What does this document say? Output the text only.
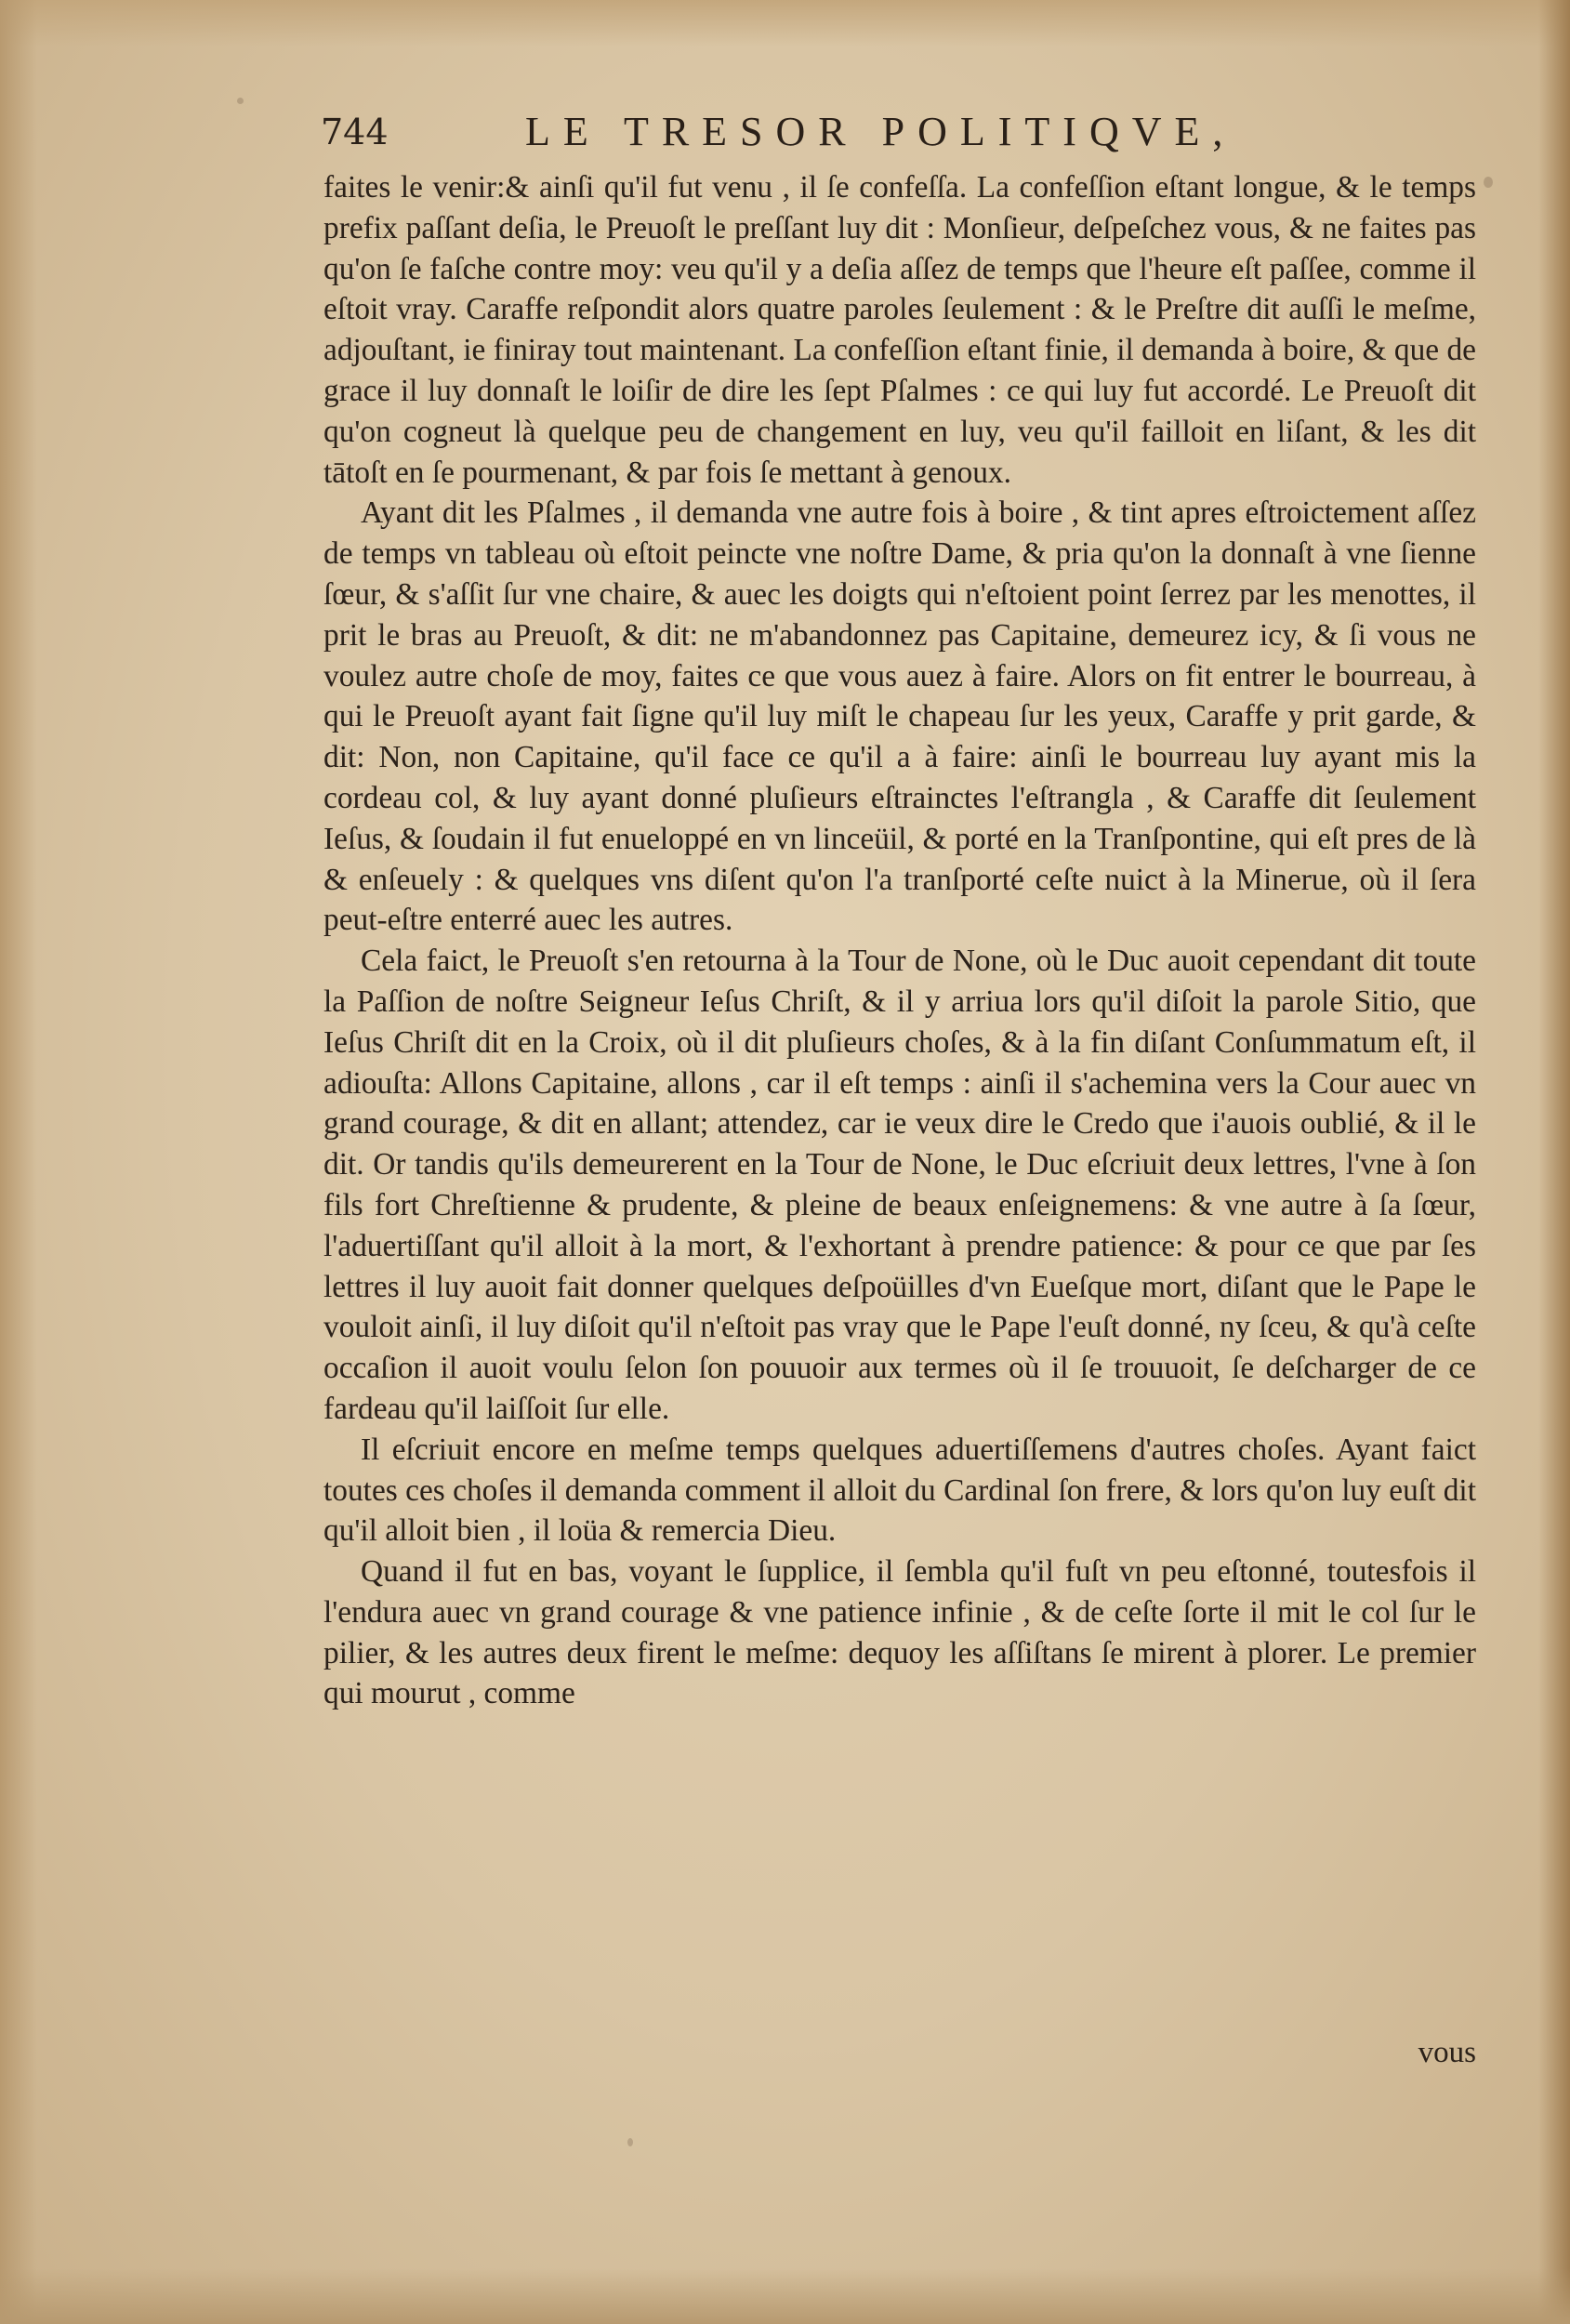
744	LE TRESOR POLITIQVE,

faites le venir:& ainſi qu'il fut venu , il ſe confeſſa. La confeſſion eſtant longue, & le temps prefix paſſant deſia, le Preuoſt le preſſant luy dit : Monſieur, deſpeſchez vous, & ne faites pas qu'on ſe faſche contre moy: veu qu'il y a deſia aſſez de temps que l'heure eſt paſſee, comme il eſtoit vray. Caraffe reſpondit alors quatre paroles ſeulement : & le Preſtre dit auſſi le meſme, adjouſtant, ie finiray tout maintenant. La confeſſion eſtant finie, il demanda à boire, & que de grace il luy donnaſt le loiſir de dire les ſept Pſalmes : ce qui luy fut accordé. Le Preuoſt dit qu'on cogneut là quelque peu de changement en luy, veu qu'il failloit en liſant, & les dit tātoſt en ſe pourmenant, & par fois ſe mettant à genoux.

Ayant dit les Pſalmes , il demanda vne autre fois à boire , & tint apres eſtroictement aſſez de temps vn tableau où eſtoit peincte vne noſtre Dame, & pria qu'on la donnaſt à vne ſienne ſœur, & s'aſſit ſur vne chaire, & auec les doigts qui n'eſtoient point ſerrez par les menottes, il prit le bras au Preuoſt, & dit: ne m'abandonnez pas Capitaine, demeurez icy, & ſi vous ne voulez autre choſe de moy, faites ce que vous auez à faire. Alors on fit entrer le bourreau, à qui le Preuoſt ayant fait ſigne qu'il luy miſt le chapeau ſur les yeux, Caraffe y prit garde, & dit: Non, non Capitaine, qu'il face ce qu'il a à faire: ainſi le bourreau luy ayant mis la cordeau col, & luy ayant donné pluſieurs eſtrainctes l'eſtrangla , & Caraffe dit ſeulement Ieſus, & ſoudain il fut enueloppé en vn linceüil, & porté en la Tranſpontine, qui eſt pres de là & enſeuely : & quelques vns diſent qu'on l'a tranſporté ceſte nuict à la Mineruе, où il ſera peut-eſtre enterré auec les autres.

Cela faict, le Preuoſt s'en retourna à la Tour de None, où le Duc auoit cependant dit toute la Paſſion de noſtre Seigneur Ieſus Chriſt, & il y arriua lors qu'il diſoit la parole Sitio, que Ieſus Chriſt dit en la Croix, où il dit pluſieurs choſes, & à la fin diſant Conſummatum eſt, il adiouſta: Allons Capitaine, allons , car il eſt temps : ainſi il s'achemina vers la Cour auec vn grand courage, & dit en allant; attendez, car ie veux dire le Credo que i'auois oublié, & il le dit. Or tandis qu'ils demeurerent en la Tour de None, le Duc eſcriuit deux lettres, l'vne à ſon fils fort Chreſtienne & prudente, & pleine de beaux enſeignemens: & vne autre à ſa ſœur, l'aduertiſſant qu'il alloit à la mort, & l'exhortant à prendre patience: & pour ce que par ſes lettres il luy auoit fait donner quelques deſpoüilles d'vn Eueſque mort, diſant que le Pape le vouloit ainſi, il luy diſoit qu'il n'eſtoit pas vray que le Pape l'euſt donné, ny ſceu, & qu'à ceſte occaſion il auoit voulu ſelon ſon pouuoir aux termes où il ſe trouuoit, ſe deſcharger de ce fardeau qu'il laiſſoit ſur elle.

Il eſcriuit encore en meſme temps quelques aduertiſſemens d'autres choſes. Ayant faict toutes ces choſes il demanda comment il alloit du Cardinal ſon frere, & lors qu'on luy euſt dit qu'il alloit bien , il loüa & remercia Dieu.

Quand il fut en bas, voyant le ſupplice, il ſembla qu'il fuſt vn peu eſtonné, toutesfois il l'endura auec vn grand courage & vne patience infinie , & de ceſte ſorte il mit le col ſur le pilier, & les autres deux firent le meſme: dequoy les aſſiſtans ſe mirent à plorer. Le premier qui mourut , comme

vous
